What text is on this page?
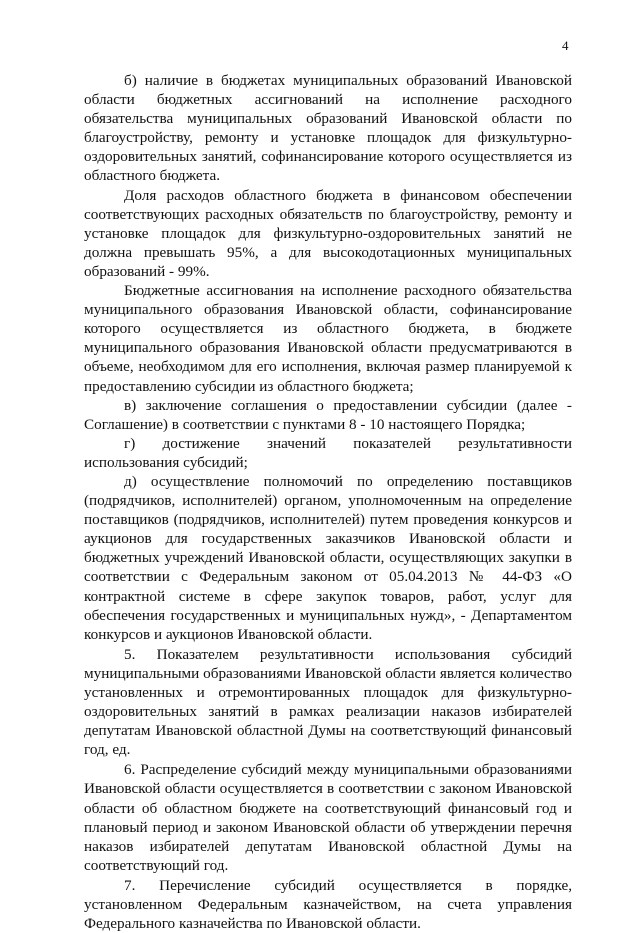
4

б) наличие в бюджетах муниципальных образований Ивановской области бюджетных ассигнований на исполнение расходного обязательства муниципальных образований Ивановской области по благоустройству, ремонту и установке площадок для физкультурно-оздоровительных занятий, софинансирование которого осуществляется из областного бюджета.

Доля расходов областного бюджета в финансовом обеспечении соответствующих расходных обязательств по благоустройству, ремонту и установке площадок для физкультурно-оздоровительных занятий не должна превышать 95%, а для высокодотационных муниципальных образований - 99%.

Бюджетные ассигнования на исполнение расходного обязательства муниципального образования Ивановской области, софинансирование которого осуществляется из областного бюджета, в бюджете муниципального образования Ивановской области предусматриваются в объеме, необходимом для его исполнения, включая размер планируемой к предоставлению субсидии из областного бюджета;

в) заключение соглашения о предоставлении субсидии (далее - Соглашение) в соответствии с пунктами 8 - 10 настоящего Порядка;

г) достижение значений показателей результативности использования субсидий;

д) осуществление полномочий по определению поставщиков (подрядчиков, исполнителей) органом, уполномоченным на определение поставщиков (подрядчиков, исполнителей) путем проведения конкурсов и аукционов для государственных заказчиков Ивановской области и бюджетных учреждений Ивановской области, осуществляющих закупки в соответствии с Федеральным законом от 05.04.2013 № 44-ФЗ «О контрактной системе в сфере закупок товаров, работ, услуг для обеспечения государственных и муниципальных нужд», - Департаментом конкурсов и аукционов Ивановской области.

5. Показателем результативности использования субсидий муниципальными образованиями Ивановской области является количество установленных и отремонтированных площадок для физкультурно-оздоровительных занятий в рамках реализации наказов избирателей депутатам Ивановской областной Думы на соответствующий финансовый год, ед.

6. Распределение субсидий между муниципальными образованиями Ивановской области осуществляется в соответствии с законом Ивановской области об областном бюджете на соответствующий финансовый год и плановый период и законом Ивановской области об утверждении перечня наказов избирателей депутатам Ивановской областной Думы на соответствующий год.

7. Перечисление субсидий осуществляется в порядке, установленном Федеральным казначейством, на счета управления Федерального казначейства по Ивановской области.
